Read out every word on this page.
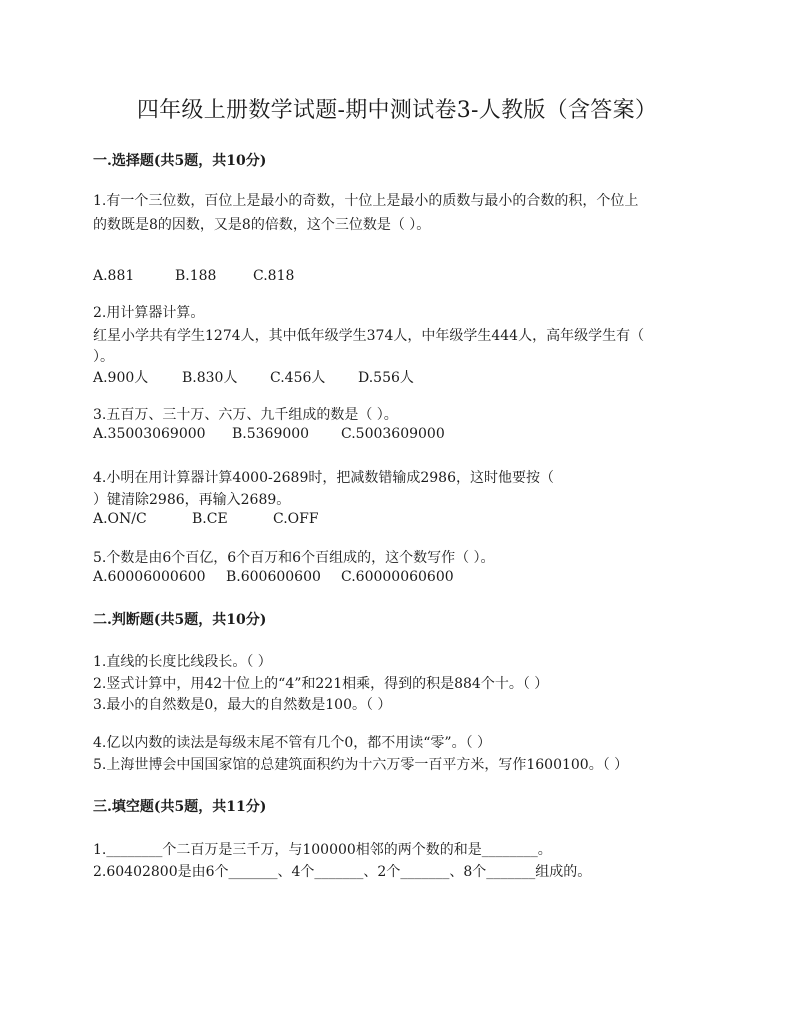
四年级上册数学试题-期中测试卷3-人教版（含答案）
一.选择题(共5题，共10分)
1.有一个三位数，百位上是最小的奇数，十位上是最小的质数与最小的合数的积，个位上
的数既是8的因数，又是8的倍数，这个三位数是（ ）。
A.881	B.188	C.818
2.用计算器计算。
红星小学共有学生1274人，其中低年级学生374人，中年级学生444人，高年级学生有（
）。
A.900人 B.830人 C.456人 D.556人
3.五百万、三十万、六万、九千组成的数是（ ）。
A.35003069000 B.5369000 C.5003609000
4.小明在用计算器计算4000-2689时，把减数错输成2986，这时他要按（
）键清除2986，再输入2689。
A.ON/C	B.CE	C.OFF
5.个数是由6个百亿，6个百万和6个百组成的，这个数写作（ ）。
A.60006000600 B.600600600 C.60000060600
二.判断题(共5题，共10分)
1.直线的长度比线段长。（ ）
2.竖式计算中，用42十位上的“4”和221相乘，得到的积是884个十。（ ）
3.最小的自然数是0，最大的自然数是100。（ ）
4.亿以内数的读法是每级末尾不管有几个0，都不用读“零”。（ ）
5.上海世博会中国国家馆的总建筑面积约为十六万零一百平方米，写作1600100。（ ）
三.填空题(共5题，共11分)
1.________个二百万是三千万，与100000相邻的两个数的和是________。
2.60402800是由6个_______、4个_______、2个_______、8个_______组成的。
